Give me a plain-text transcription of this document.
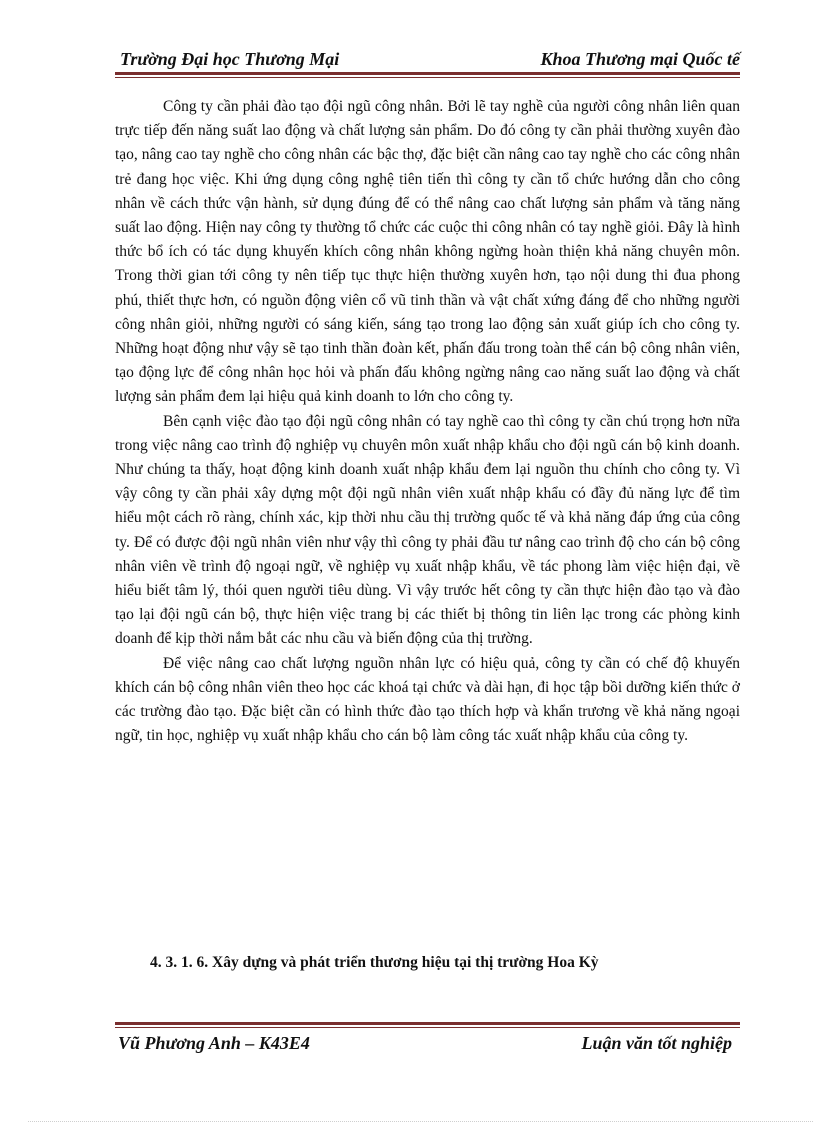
Trường Đại học Thương Mại	Khoa Thương mại Quốc tế

Công ty cần phải đào tạo đội ngũ công nhân. Bởi lẽ tay nghề của người công nhân liên quan trực tiếp đến năng suất lao động và chất lượng sản phẩm. Do đó công ty cần phải thường xuyên đào tạo, nâng cao tay nghề cho công nhân các bậc thợ, đặc biệt cần nâng cao tay nghề cho các công nhân trẻ đang học việc. Khi ứng dụng công nghệ tiên tiến thì công ty cần tổ chức hướng dẫn cho công nhân về cách thức vận hành, sử dụng đúng để có thể nâng cao chất lượng sản phẩm và tăng năng suất lao động. Hiện nay công ty thường tổ chức các cuộc thi công nhân có tay nghề giỏi. Đây là hình thức bổ ích có tác dụng khuyến khích công nhân không ngừng hoàn thiện khả năng chuyên môn. Trong thời gian tới công ty nên tiếp tục thực hiện thường xuyên hơn, tạo nội dung thi đua phong phú, thiết thực hơn, có nguồn động viên cổ vũ tinh thần và vật chất xứng đáng để cho những người công nhân giỏi, những người có sáng kiến, sáng tạo trong lao động sản xuất giúp ích cho công ty. Những hoạt động như vậy sẽ tạo tinh thần đoàn kết, phấn đấu trong toàn thể cán bộ công nhân viên, tạo động lực để công nhân học hỏi và phấn đấu không ngừng nâng cao năng suất lao động và chất lượng sản phẩm đem lại hiệu quả kinh doanh to lớn cho công ty.

Bên cạnh việc đào tạo đội ngũ công nhân có tay nghề cao thì công ty cần chú trọng hơn nữa trong việc nâng cao trình độ nghiệp vụ chuyên môn xuất nhập khẩu cho đội ngũ cán bộ kinh doanh. Như chúng ta thấy, hoạt động kinh doanh xuất nhập khẩu đem lại nguồn thu chính cho công ty. Vì vậy công ty cần phải xây dựng một đội ngũ nhân viên xuất nhập khẩu có đầy đủ năng lực để tìm hiểu một cách rõ ràng, chính xác, kịp thời nhu cầu thị trường quốc tế và khả năng đáp ứng của công ty. Để có được đội ngũ nhân viên như vậy thì công ty phải đầu tư nâng cao trình độ cho cán bộ công nhân viên về trình độ ngoại ngữ, về nghiệp vụ xuất nhập khẩu, về tác phong làm việc hiện đại, về hiểu biết tâm lý, thói quen người tiêu dùng. Vì vậy trước hết công ty cần thực hiện đào tạo và đào tạo lại đội ngũ cán bộ, thực hiện việc trang bị các thiết bị thông tin liên lạc trong các phòng kinh doanh để kịp thời nắm bắt các nhu cầu và biến động của thị trường.

Để việc nâng cao chất lượng nguồn nhân lực có hiệu quả, công ty cần có chế độ khuyến khích cán bộ công nhân viên theo học các khoá tại chức và dài hạn, đi học tập bồi dưỡng kiến thức ở các trường đào tạo. Đặc biệt cần có hình thức đào tạo thích hợp và khẩn trương về khả năng ngoại ngữ, tin học, nghiệp vụ xuất nhập khẩu cho cán bộ làm công tác xuất nhập khẩu của công ty.

4. 3. 1. 6. Xây dựng và phát triển thương hiệu tại thị trường Hoa Kỳ
Vũ Phương Anh – K43E4	Luận văn tốt nghiệp
